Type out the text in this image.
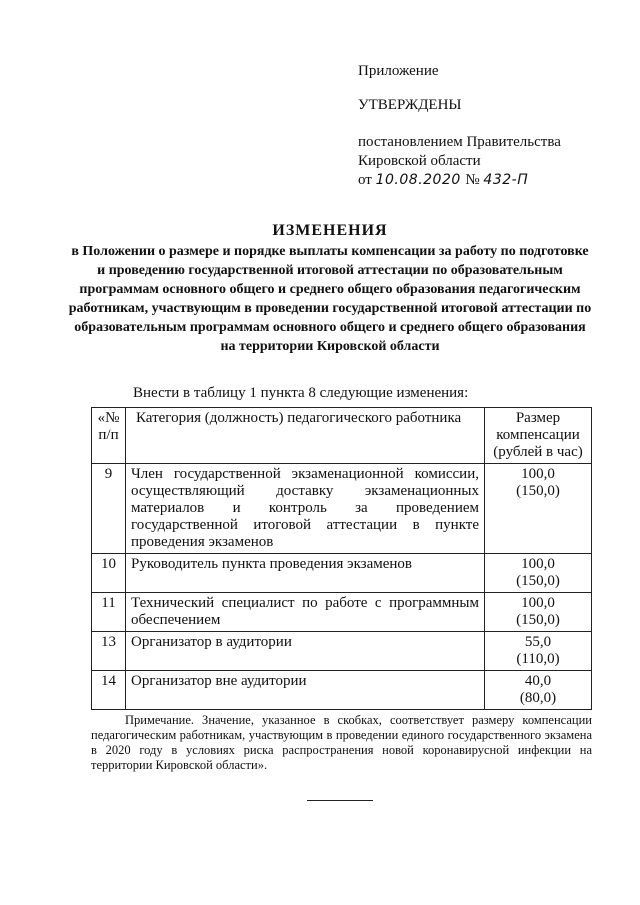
Приложение
УТВЕРЖДЕНЫ
постановлением Правительства
Кировской области
от 10.08.2020 № 432-П
ИЗМЕНЕНИЯ
в Положении о размере и порядке выплаты компенсации за работу по подготовке и проведению государственной итоговой аттестации по образовательным программам основного общего и среднего общего образования педагогическим работникам, участвующим в проведении государственной итоговой аттестации по образовательным программам основного общего и среднего общего образования на территории Кировской области
Внести в таблицу 1 пункта 8 следующие изменения:
«№ п/п	Категория (должность) педагогического работника	Размер компенсации (рублей в час)
9	Член государственной экзаменационной комиссии, осуществляющий доставку экзаменационных материалов и контроль за проведением государственной итоговой аттестации в пункте проведения экзаменов	100,0
(150,0)

10	Руководитель пункта проведения экзаменов	100,0
(150,0)

11	Технический специалист по работе с программным обеспечением	100,0
(150,0)

13	Организатор в аудитории	55,0
(110,0)

14	Организатор вне аудитории	40,0
(80,0)
Примечание. Значение, указанное в скобках, соответствует размеру компенсации педагогическим работникам, участвующим в проведении единого государственного экзамена в 2020 году в условиях риска распространения новой коронавирусной инфекции на территории Кировской области».
